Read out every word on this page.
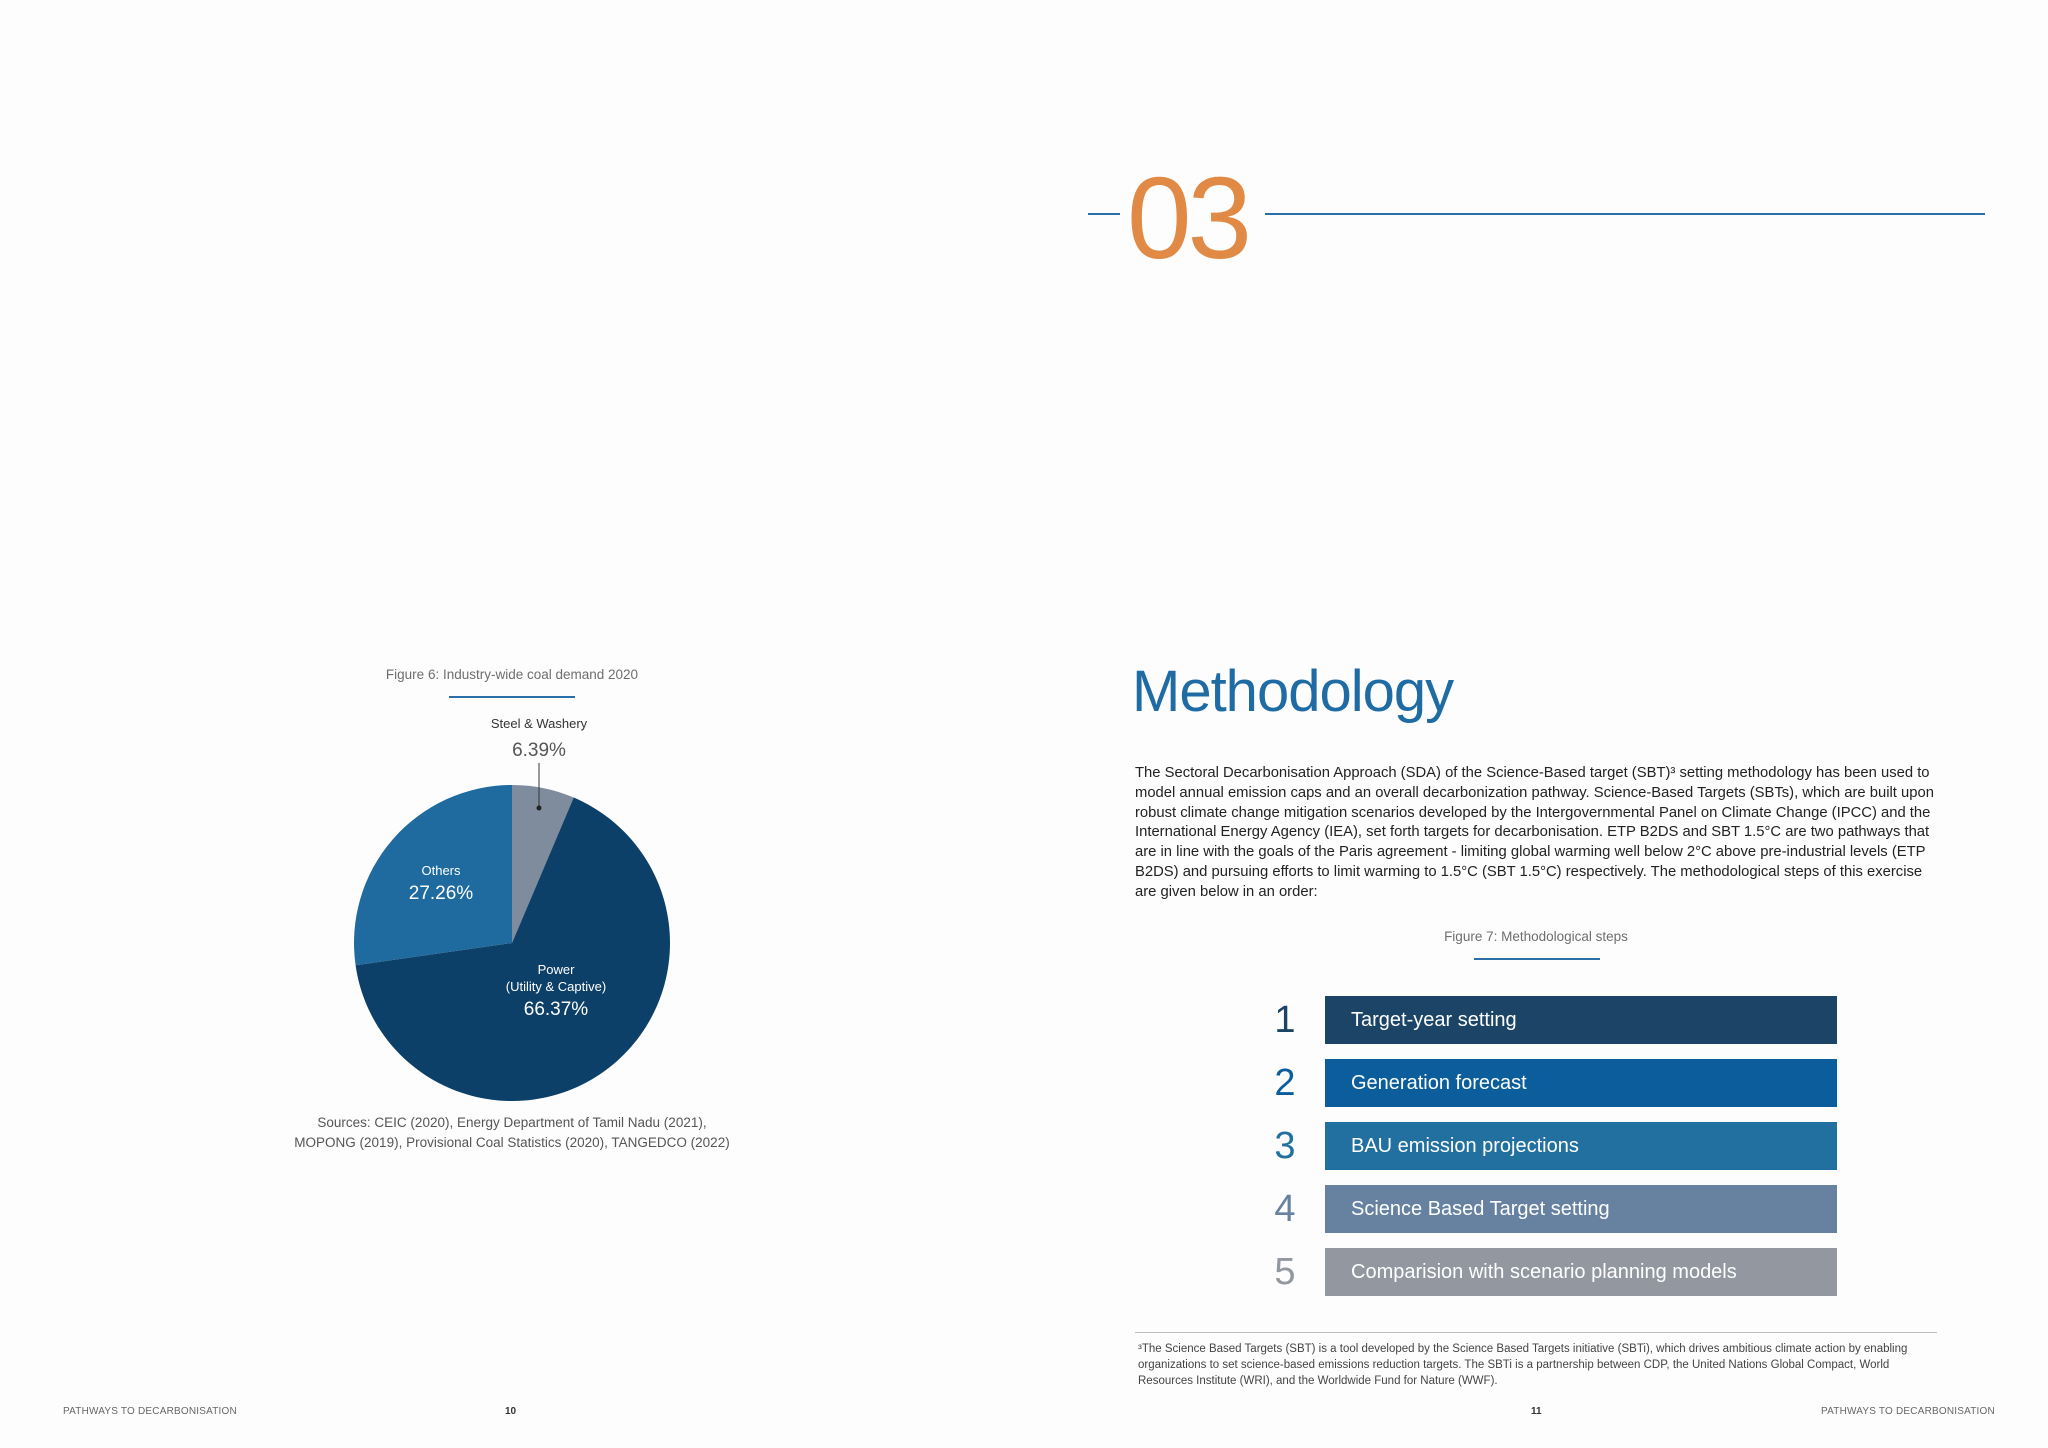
Figure 6: Industry-wide coal demand 2020
Steel & Washery
6.39%
Others
27.26%
Power
(Utility & Captive)
66.37%
Sources: CEIC (2020), Energy Department of Tamil Nadu (2021),
MOPONG (2019), Provisional Coal Statistics (2020), TANGEDCO (2022)
PATHWAYS TO DECARBONISATION	10
03
Methodology
The Sectoral Decarbonisation Approach (SDA) of the Science-Based target (SBT)³ setting methodology has been used to model annual emission caps and an overall decarbonization pathway. Science-Based Targets (SBTs), which are built upon robust climate change mitigation scenarios developed by the Intergovernmental Panel on Climate Change (IPCC) and the International Energy Agency (IEA), set forth targets for decarbonisation. ETP B2DS and SBT 1.5°C are two pathways that are in line with the goals of the Paris agreement - limiting global warming well below 2°C above pre-industrial levels (ETP B2DS) and pursuing efforts to limit warming to 1.5°C (SBT 1.5°C) respectively. The methodological steps of this exercise are given below in an order:
Figure 7: Methodological steps
1	Target-year setting
2	Generation forecast
3	BAU emission projections
4	Science Based Target setting
5	Comparision with scenario planning models
³The Science Based Targets (SBT) is a tool developed by the Science Based Targets initiative (SBTi), which drives ambitious climate action by enabling organizations to set science-based emissions reduction targets. The SBTi is a partnership between CDP, the United Nations Global Compact, World Resources Institute (WRI), and the Worldwide Fund for Nature (WWF).
11	PATHWAYS TO DECARBONISATION
